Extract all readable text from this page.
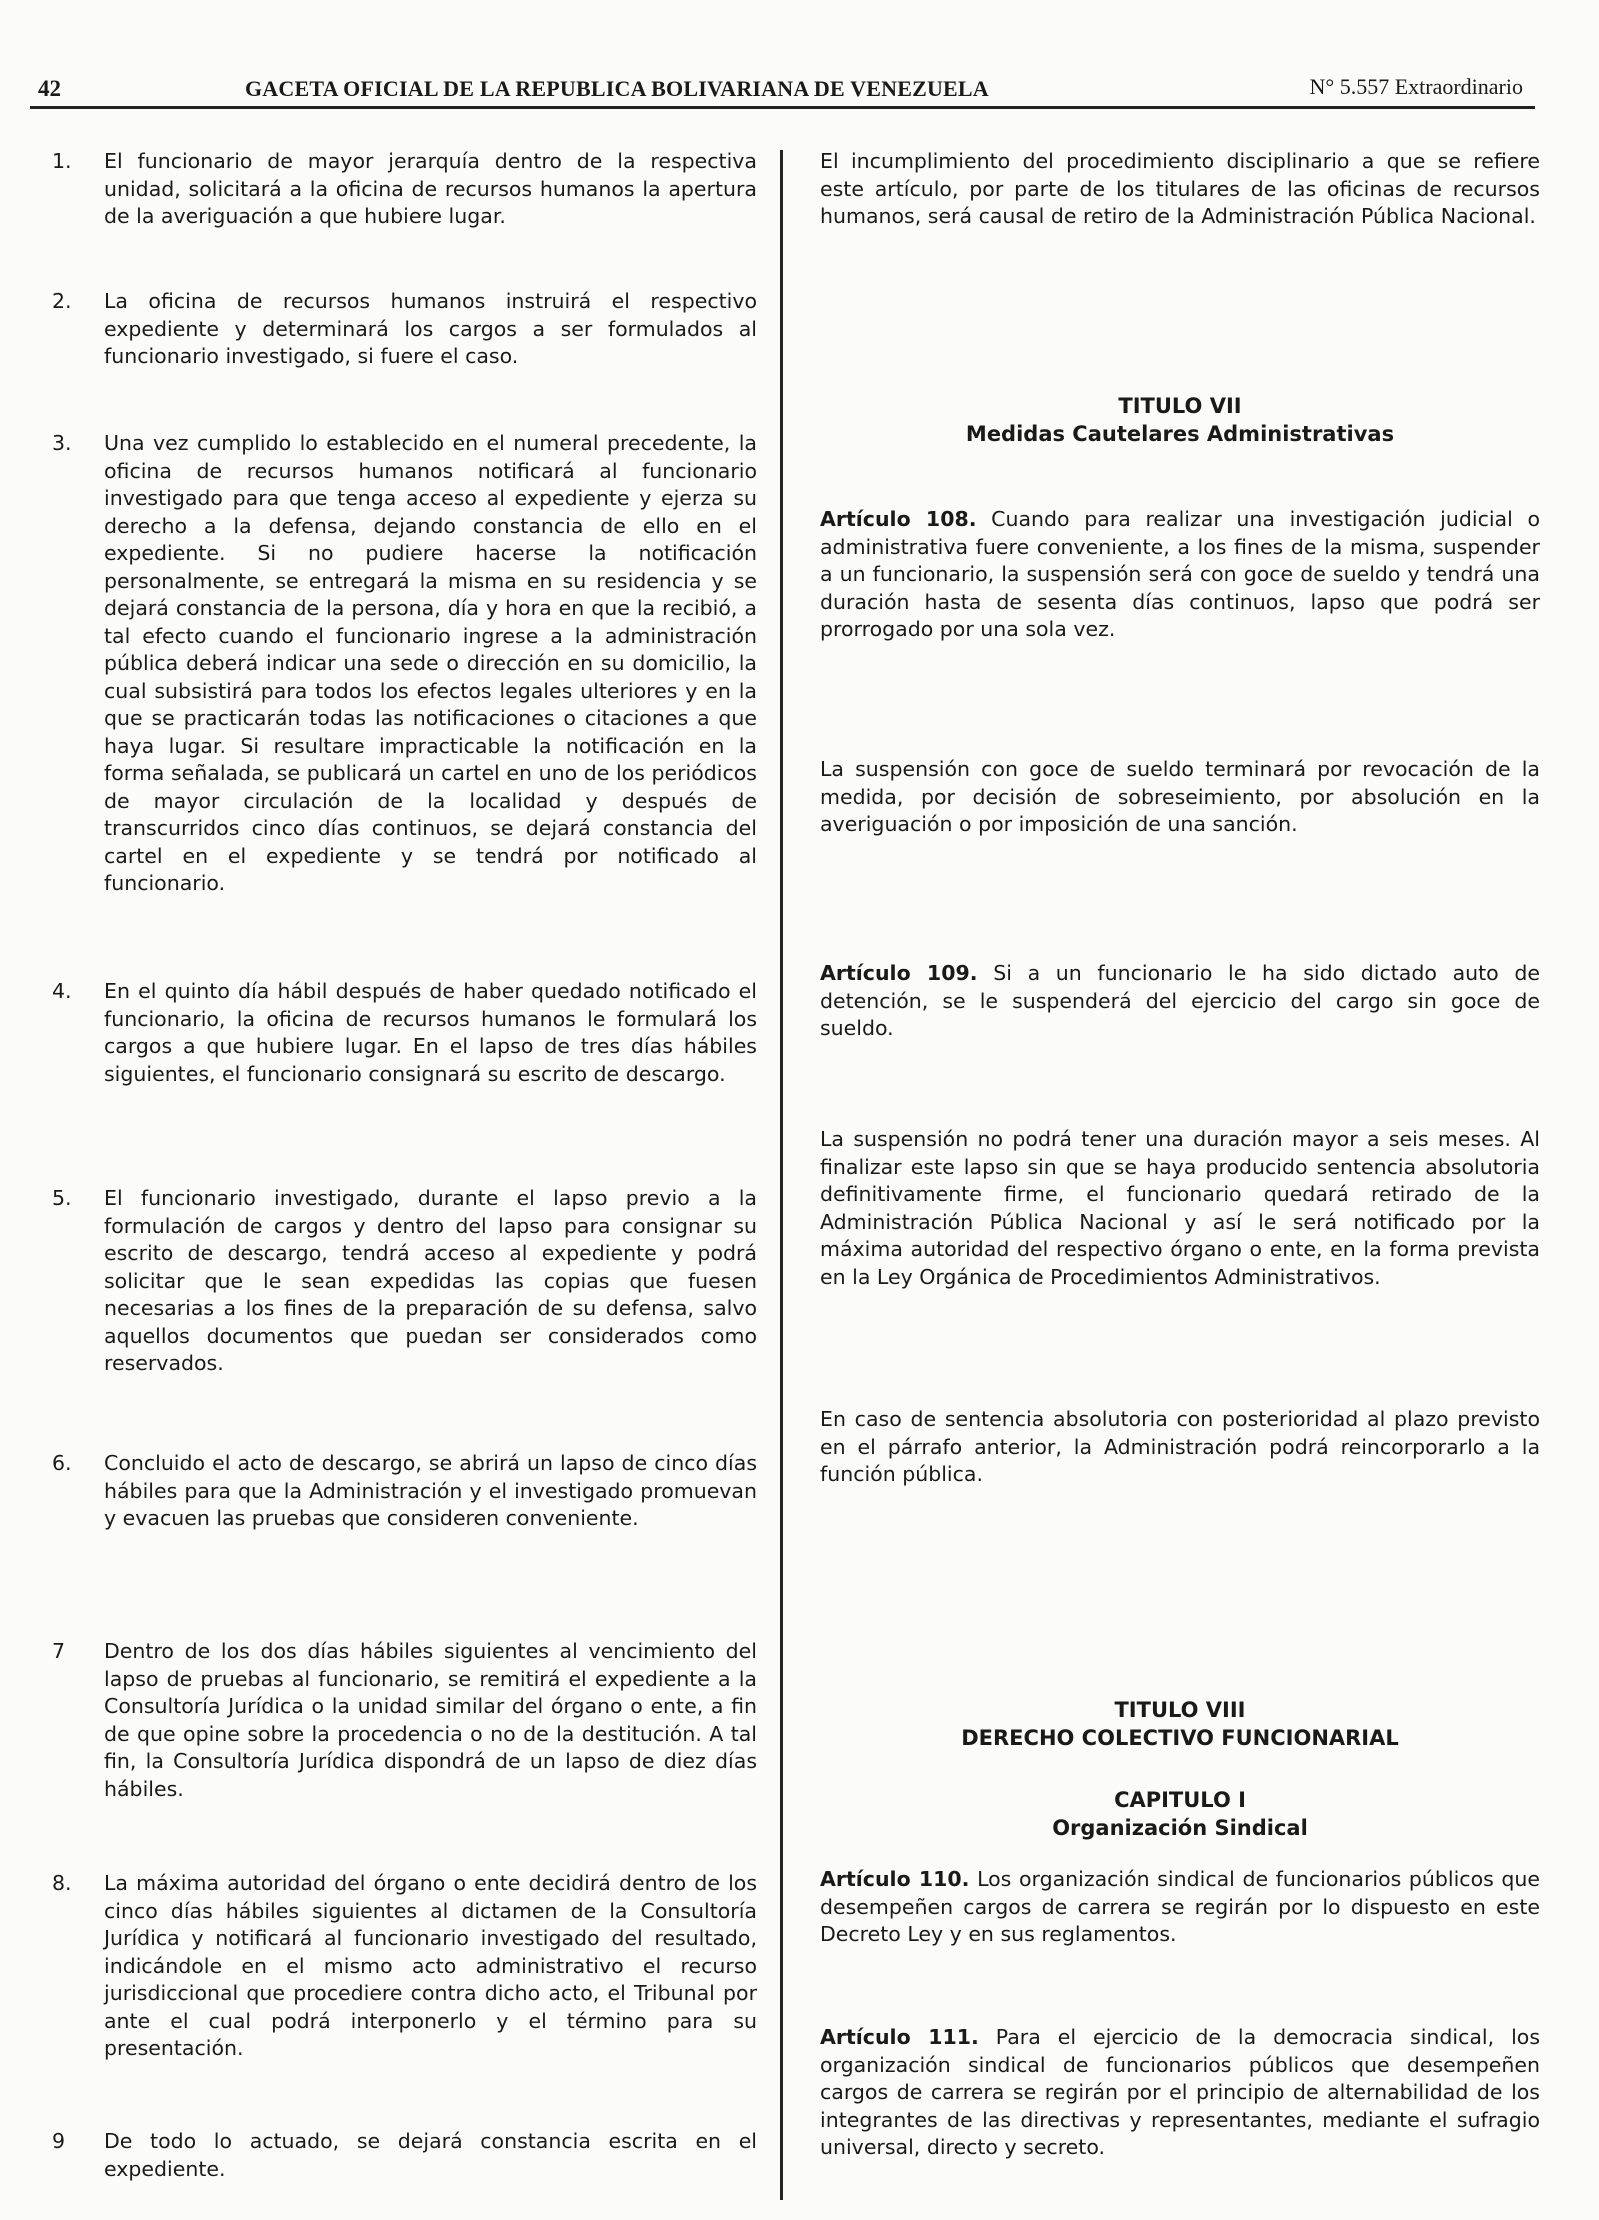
42	GACETA OFICIAL DE LA REPUBLICA BOLIVARIANA DE VENEZUELA	N° 5.557 Extraordinario
1.	El funcionario de mayor jerarquía dentro de la respectiva unidad, solicitará a la oficina de recursos humanos la apertura de la averiguación a que hubiere lugar.
2.	La oficina de recursos humanos instruirá el respectivo expediente y determinará los cargos a ser formulados al funcionario investigado, si fuere el caso.
3.	Una vez cumplido lo establecido en el numeral precedente, la oficina de recursos humanos notificará al funcionario investigado para que tenga acceso al expediente y ejerza su derecho a la defensa, dejando constancia de ello en el expediente. Si no pudiere hacerse la notificación personalmente, se entregará la misma en su residencia y se dejará constancia de la persona, día y hora en que la recibió, a tal efecto cuando el funcionario ingrese a la administración pública deberá indicar una sede o dirección en su domicilio, la cual subsistirá para todos los efectos legales ulteriores y en la que se practicarán todas las notificaciones o citaciones a que haya lugar. Si resultare impracticable la notificación en la forma señalada, se publicará un cartel en uno de los periódicos de mayor circulación de la localidad y después de transcurridos cinco días continuos, se dejará constancia del cartel en el expediente y se tendrá por notificado al funcionario.
4.	En el quinto día hábil después de haber quedado notificado el funcionario, la oficina de recursos humanos le formulará los cargos a que hubiere lugar. En el lapso de tres días hábiles siguientes, el funcionario consignará su escrito de descargo.
5.	El funcionario investigado, durante el lapso previo a la formulación de cargos y dentro del lapso para consignar su escrito de descargo, tendrá acceso al expediente y podrá solicitar que le sean expedidas las copias que fuesen necesarias a los fines de la preparación de su defensa, salvo aquellos documentos que puedan ser considerados como reservados.
6.	Concluido el acto de descargo, se abrirá un lapso de cinco días hábiles para que la Administración y el investigado promuevan y evacuen las pruebas que consideren conveniente.
7	Dentro de los dos días hábiles siguientes al vencimiento del lapso de pruebas al funcionario, se remitirá el expediente a la Consultoría Jurídica o la unidad similar del órgano o ente, a fin de que opine sobre la procedencia o no de la destitución. A tal fin, la Consultoría Jurídica dispondrá de un lapso de diez días hábiles.
8.	La máxima autoridad del órgano o ente decidirá dentro de los cinco días hábiles siguientes al dictamen de la Consultoría Jurídica y notificará al funcionario investigado del resultado, indicándole en el mismo acto administrativo el recurso jurisdiccional que procediere contra dicho acto, el Tribunal por ante el cual podrá interponerlo y el término para su presentación.
9	De todo lo actuado, se dejará constancia escrita en el expediente.
El incumplimiento del procedimiento disciplinario a que se refiere este artículo, por parte de los titulares de las oficinas de recursos humanos, será causal de retiro de la Administración Pública Nacional.
TITULO VII
Medidas Cautelares Administrativas
Artículo 108. Cuando para realizar una investigación judicial o administrativa fuere conveniente, a los fines de la misma, suspender a un funcionario, la suspensión será con goce de sueldo y tendrá una duración hasta de sesenta días continuos, lapso que podrá ser prorrogado por una sola vez.
La suspensión con goce de sueldo terminará por revocación de la medida, por decisión de sobreseimiento, por absolución en la averiguación o por imposición de una sanción.
Artículo 109. Si a un funcionario le ha sido dictado auto de detención, se le suspenderá del ejercicio del cargo sin goce de sueldo.
La suspensión no podrá tener una duración mayor a seis meses. Al finalizar este lapso sin que se haya producido sentencia absolutoria definitivamente firme, el funcionario quedará retirado de la Administración Pública Nacional y así le será notificado por la máxima autoridad del respectivo órgano o ente, en la forma prevista en la Ley Orgánica de Procedimientos Administrativos.
En caso de sentencia absolutoria con posterioridad al plazo previsto en el párrafo anterior, la Administración podrá reincorporarlo a la función pública.
TITULO VIII
DERECHO COLECTIVO FUNCIONARIAL
CAPITULO I
Organización Sindical
Artículo 110. Los organización sindical de funcionarios públicos que desempeñen cargos de carrera se regirán por lo dispuesto en este Decreto Ley y en sus reglamentos.
Artículo 111. Para el ejercicio de la democracia sindical, los organización sindical de funcionarios públicos que desempeñen cargos de carrera se regirán por el principio de alternabilidad de los integrantes de las directivas y representantes, mediante el sufragio universal, directo y secreto.
